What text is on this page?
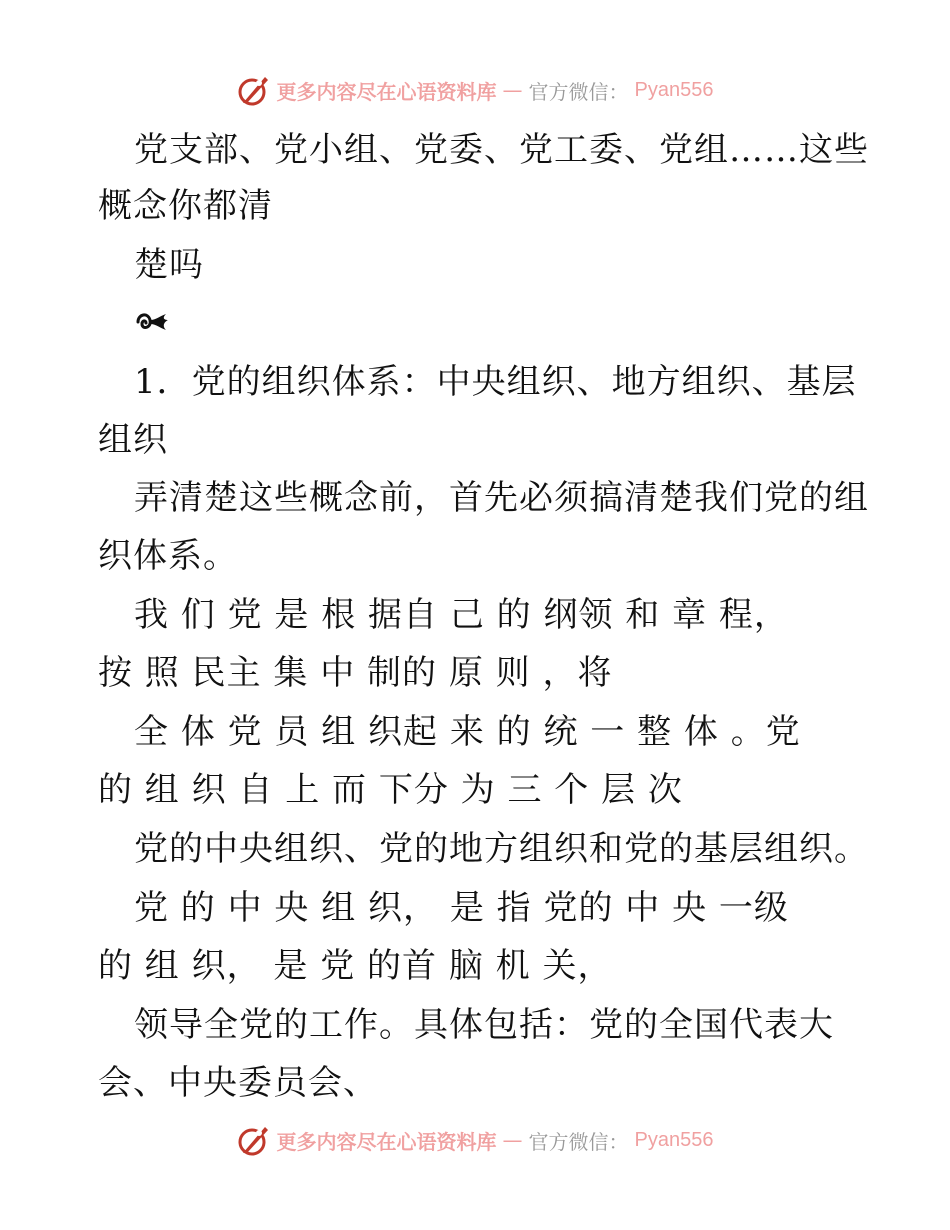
更多内容尽在心语资料库 — 官方微信： Pyan556
党支部、党小组、党委、党工委、党组……这些
概念你都清
楚吗
1．党的组织体系：中央组织、地方组织、基层
组织
弄清楚这些概念前，首先必须搞清楚我们党的组
织体系。
我 们 党 是 根 据自 己 的 纲领 和 章 程，
按 照 民主 集 中 制的 原 则 ，将
全 体 党 员 组 织起 来 的 统 一 整 体 。党
的 组 织 自 上 而 下分 为 三 个 层 次
党的中央组织、党的地方组织和党的基层组织。
党 的 中 央 组 织， 是 指 党的 中 央 一级
的 组 织， 是 党 的首 脑 机 关，
领导全党的工作。具体包括：党的全国代表大
会、中央委员会、
更多内容尽在心语资料库 — 官方微信： Pyan556
